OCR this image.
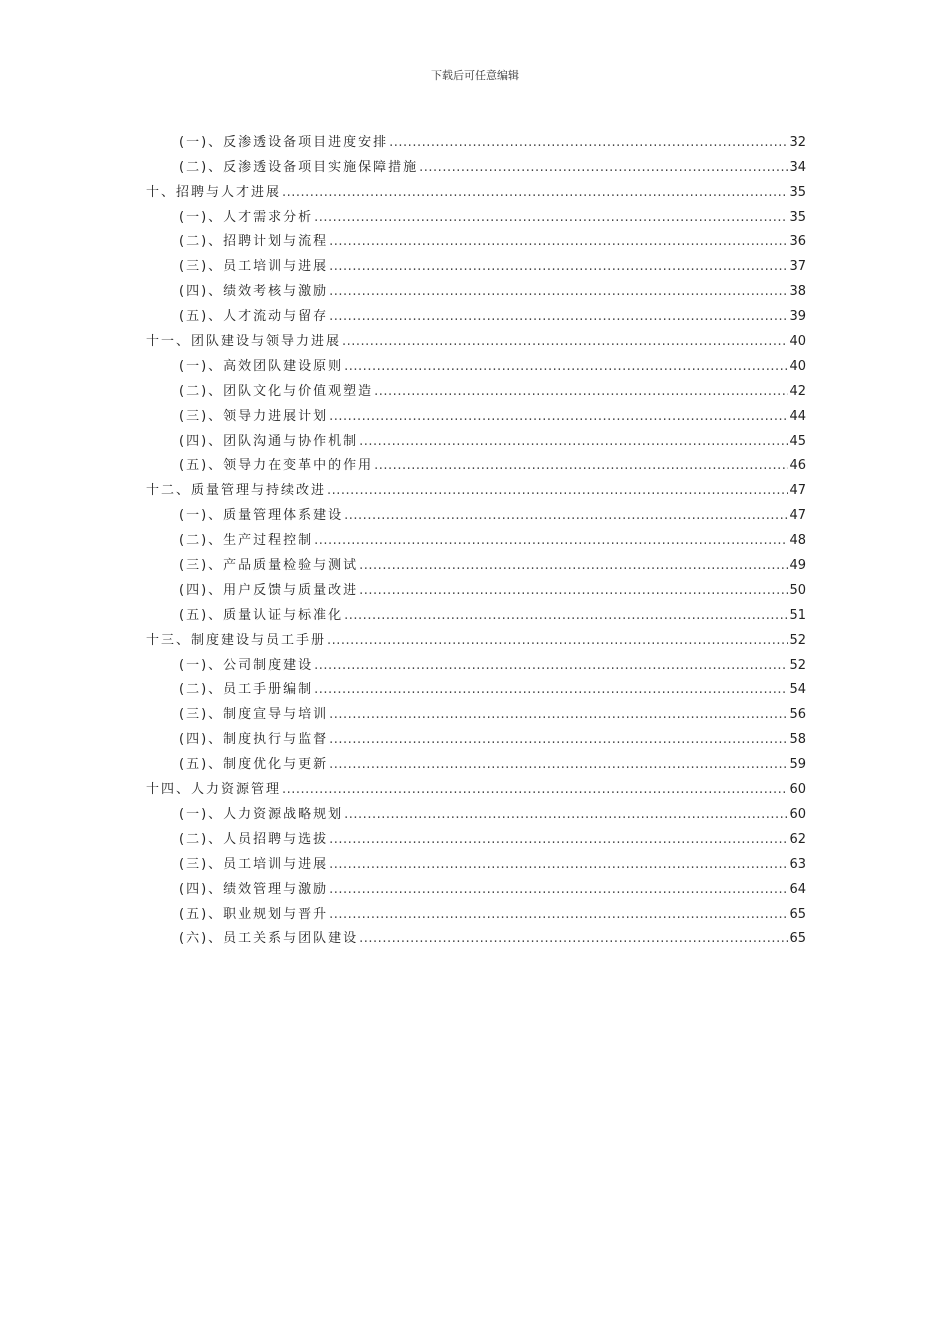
下载后可任意编辑
(一)、反渗透设备项目进度安排 .....	32
(二)、反渗透设备项目实施保障措施 .....	34
十、招聘与人才进展 .....	35
(一)、人才需求分析 .....	35
(二)、招聘计划与流程 .....	36
(三)、员工培训与进展 .....	37
(四)、绩效考核与激励 .....	38
(五)、人才流动与留存 .....	39
十一、团队建设与领导力进展 .....	40
(一)、高效团队建设原则 .....	40
(二)、团队文化与价值观塑造 .....	42
(三)、领导力进展计划 .....	44
(四)、团队沟通与协作机制 .....	45
(五)、领导力在变革中的作用 .....	46
十二、质量管理与持续改进 .....	47
(一)、质量管理体系建设 .....	47
(二)、生产过程控制 .....	48
(三)、产品质量检验与测试 .....	49
(四)、用户反馈与质量改进 .....	50
(五)、质量认证与标准化 .....	51
十三、制度建设与员工手册 .....	52
(一)、公司制度建设 .....	52
(二)、员工手册编制 .....	54
(三)、制度宣导与培训 .....	56
(四)、制度执行与监督 .....	58
(五)、制度优化与更新 .....	59
十四、人力资源管理 .....	60
(一)、人力资源战略规划 .....	60
(二)、人员招聘与选拔 .....	62
(三)、员工培训与进展 .....	63
(四)、绩效管理与激励 .....	64
(五)、职业规划与晋升 .....	65
(六)、员工关系与团队建设 .....	65
